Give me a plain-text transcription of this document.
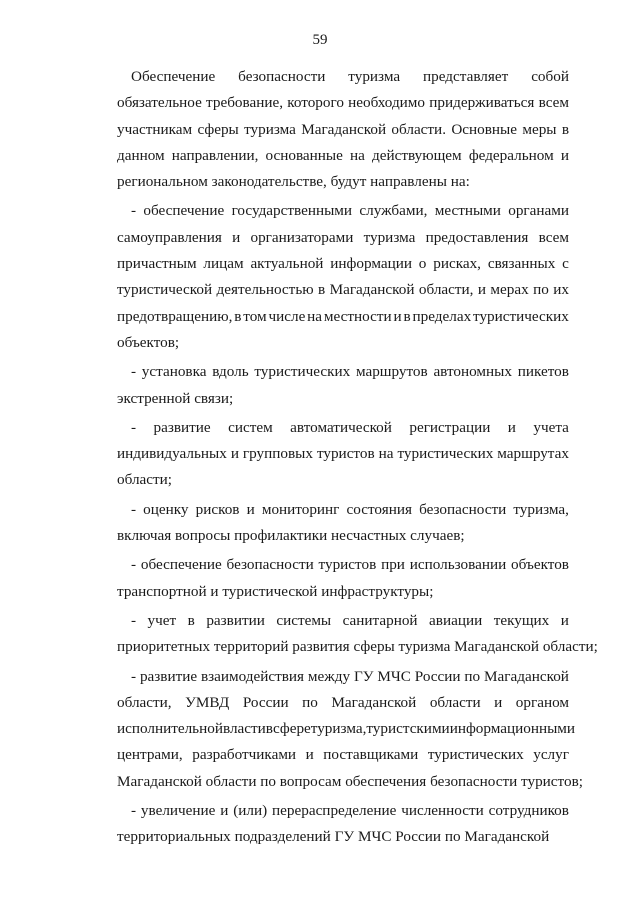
59
Обеспечение безопасности туризма представляет собой
обязательное требование, которого необходимо придерживаться всем
участникам сферы туризма Магаданской области. Основные меры в
данном направлении, основанные на действующем федеральном и
региональном законодательстве, будут направлены на:
- обеспечение государственными службами, местными органами
самоуправления и организаторами туризма предоставления всем
причастным лицам актуальной информации о рисках, связанных с
туристической деятельностью в Магаданской области, и мерах по их
предотвращению, в том числе на местности и в пределах туристических
объектов;
- установка вдоль туристических маршрутов автономных пикетов
экстренной связи;
- развитие систем автоматической регистрации и учета
индивидуальных и групповых туристов на туристических маршрутах
области;
- оценку рисков и мониторинг состояния безопасности туризма,
включая вопросы профилактики несчастных случаев;
- обеспечение безопасности туристов при использовании объектов
транспортной и туристической инфраструктуры;
- учет в развитии системы санитарной авиации текущих и
приоритетных территорий развития сферы туризма Магаданской области;
- развитие взаимодействия между ГУ МЧС России по Магаданской
области, УМВД России по Магаданской области и органом
исполнительной власти в сфере туризма, туристскими информационными
центрами, разработчиками и поставщиками туристических услуг
Магаданской области по вопросам обеспечения безопасности туристов;
- увеличение и (или) перераспределение численности сотрудников
территориальных подразделений ГУ МЧС России по Магаданской
